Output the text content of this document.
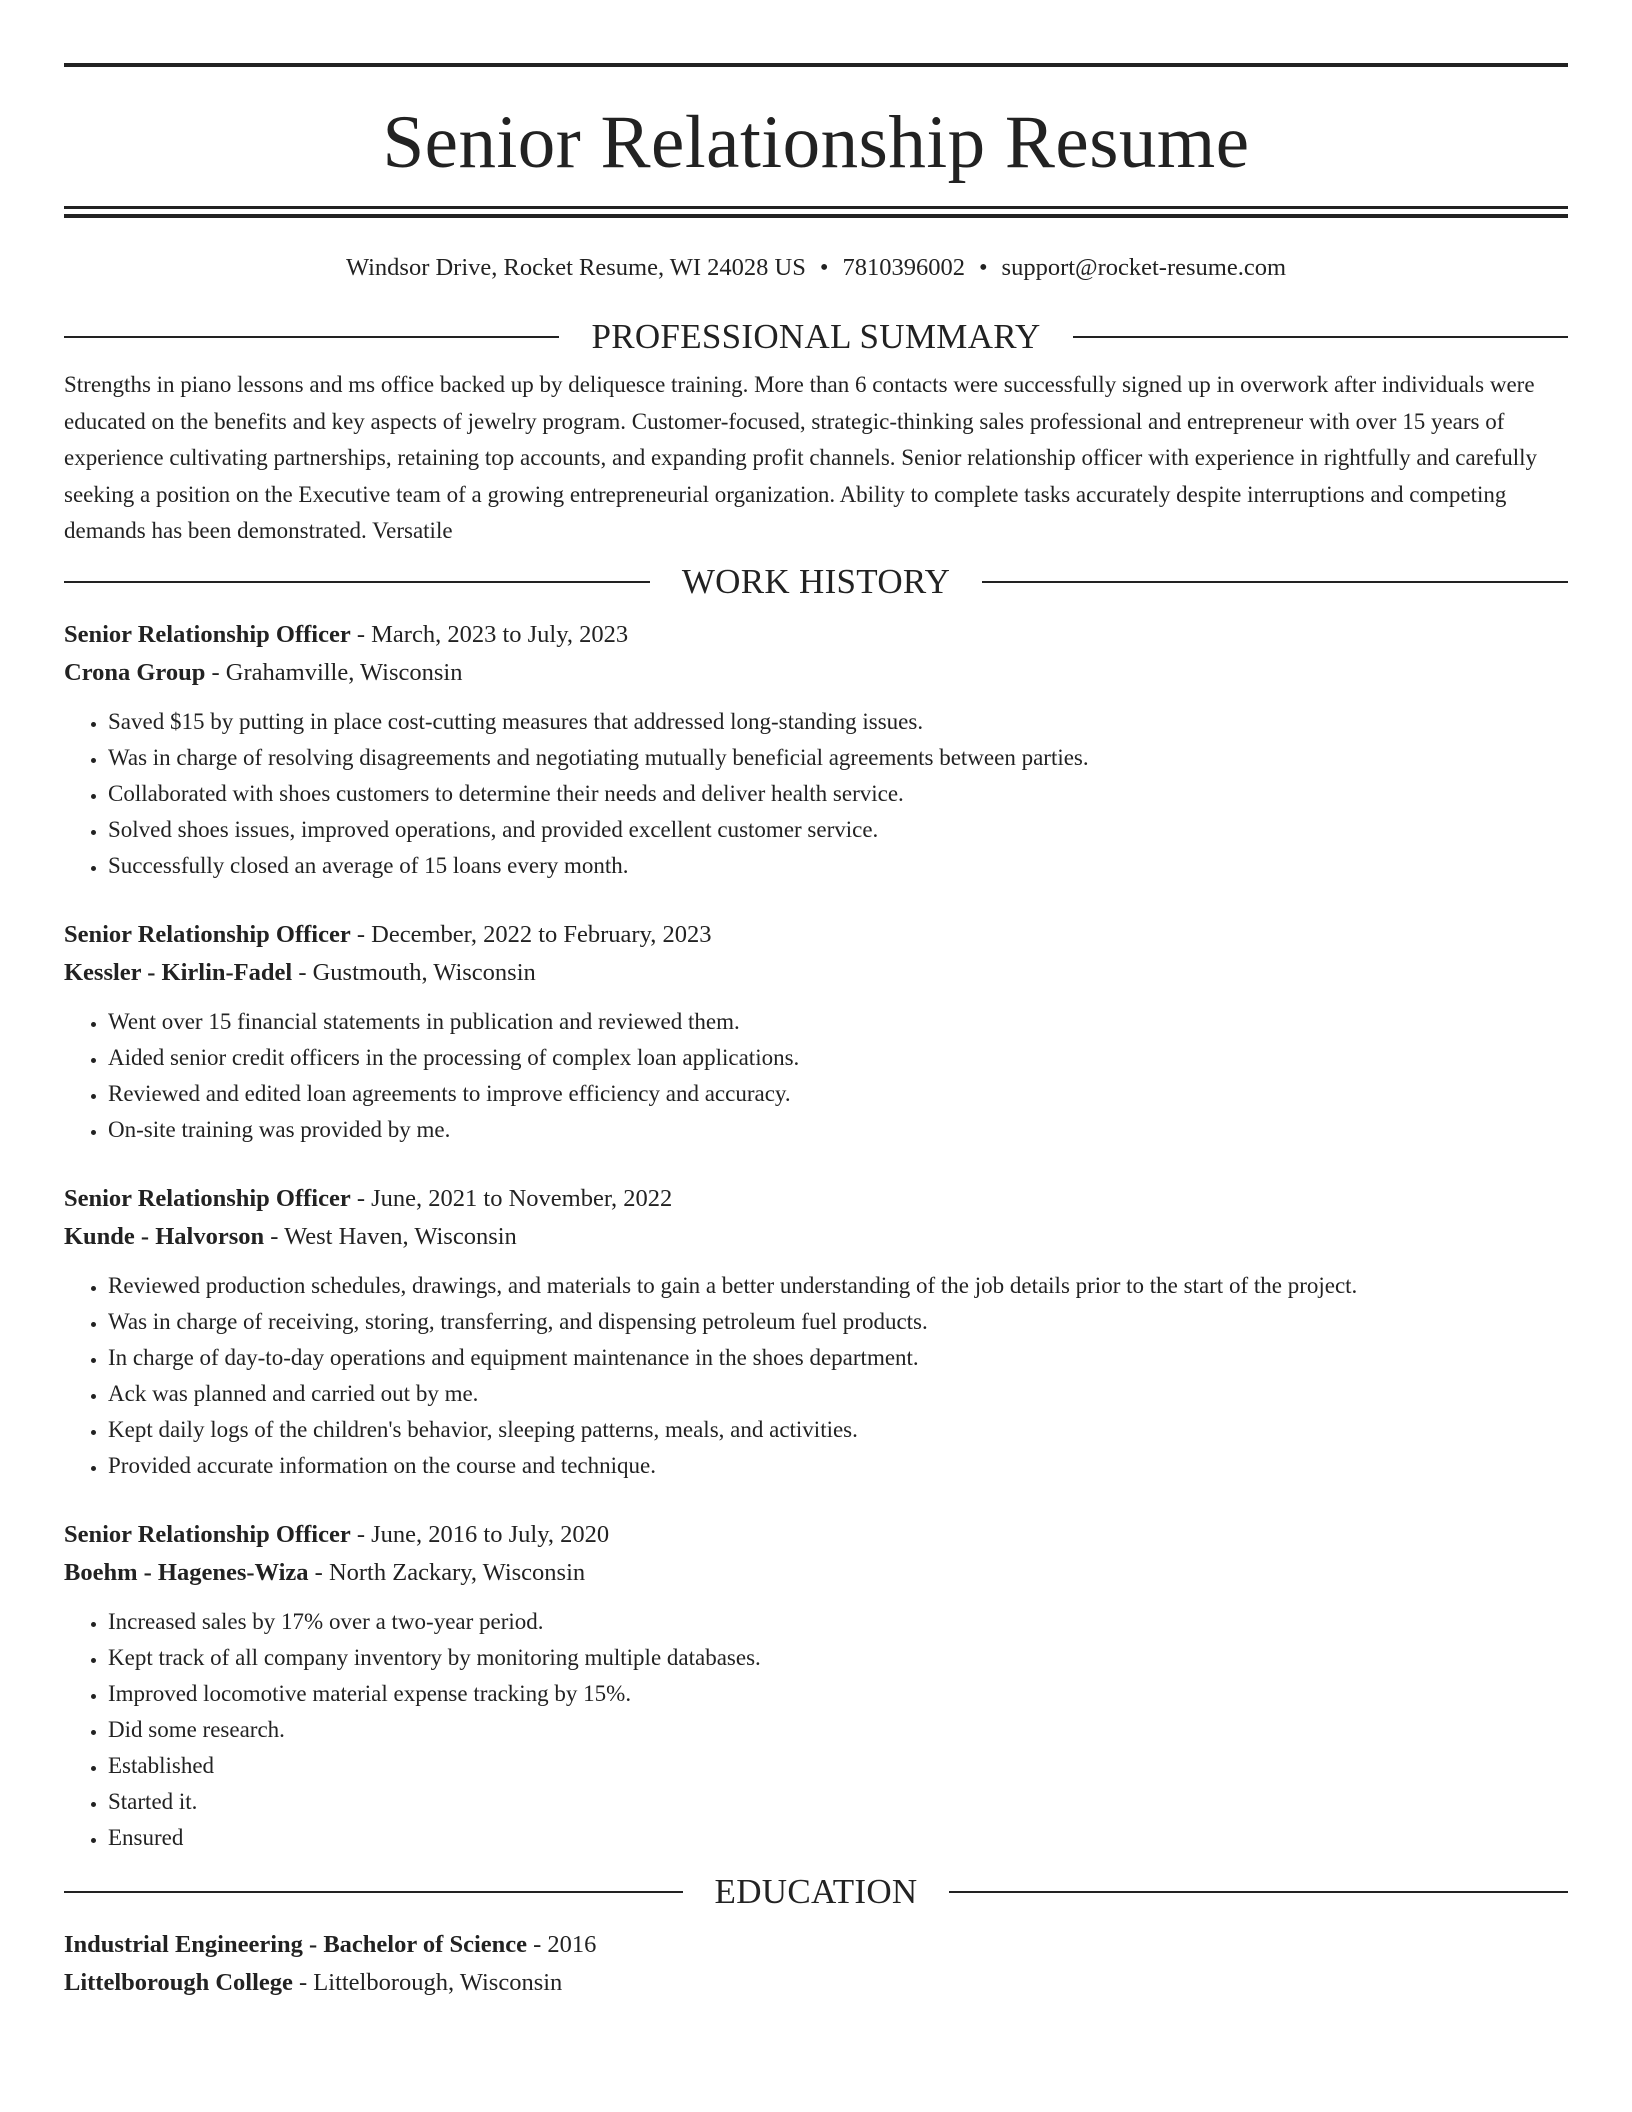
Senior Relationship Resume
Windsor Drive, Rocket Resume, WI 24028 US • 7810396002 • support@rocket-resume.com
PROFESSIONAL SUMMARY
Strengths in piano lessons and ms office backed up by deliquesce training. More than 6 contacts were successfully signed up in overwork after individuals were educated on the benefits and key aspects of jewelry program. Customer-focused, strategic-thinking sales professional and entrepreneur with over 15 years of experience cultivating partnerships, retaining top accounts, and expanding profit channels. Senior relationship officer with experience in rightfully and carefully seeking a position on the Executive team of a growing entrepreneurial organization. Ability to complete tasks accurately despite interruptions and competing demands has been demonstrated. Versatile
WORK HISTORY
Senior Relationship Officer - March, 2023 to July, 2023
Crona Group - Grahamville, Wisconsin
• Saved $15 by putting in place cost-cutting measures that addressed long-standing issues.
• Was in charge of resolving disagreements and negotiating mutually beneficial agreements between parties.
• Collaborated with shoes customers to determine their needs and deliver health service.
• Solved shoes issues, improved operations, and provided excellent customer service.
• Successfully closed an average of 15 loans every month.
Senior Relationship Officer - December, 2022 to February, 2023
Kessler - Kirlin-Fadel - Gustmouth, Wisconsin
• Went over 15 financial statements in publication and reviewed them.
• Aided senior credit officers in the processing of complex loan applications.
• Reviewed and edited loan agreements to improve efficiency and accuracy.
• On-site training was provided by me.
Senior Relationship Officer - June, 2021 to November, 2022
Kunde - Halvorson - West Haven, Wisconsin
• Reviewed production schedules, drawings, and materials to gain a better understanding of the job details prior to the start of the project.
• Was in charge of receiving, storing, transferring, and dispensing petroleum fuel products.
• In charge of day-to-day operations and equipment maintenance in the shoes department.
• Ack was planned and carried out by me.
• Kept daily logs of the children's behavior, sleeping patterns, meals, and activities.
• Provided accurate information on the course and technique.
Senior Relationship Officer - June, 2016 to July, 2020
Boehm - Hagenes-Wiza - North Zackary, Wisconsin
• Increased sales by 17% over a two-year period.
• Kept track of all company inventory by monitoring multiple databases.
• Improved locomotive material expense tracking by 15%.
• Did some research.
• Established
• Started it.
• Ensured
EDUCATION
Industrial Engineering - Bachelor of Science - 2016
Littelborough College - Littelborough, Wisconsin
